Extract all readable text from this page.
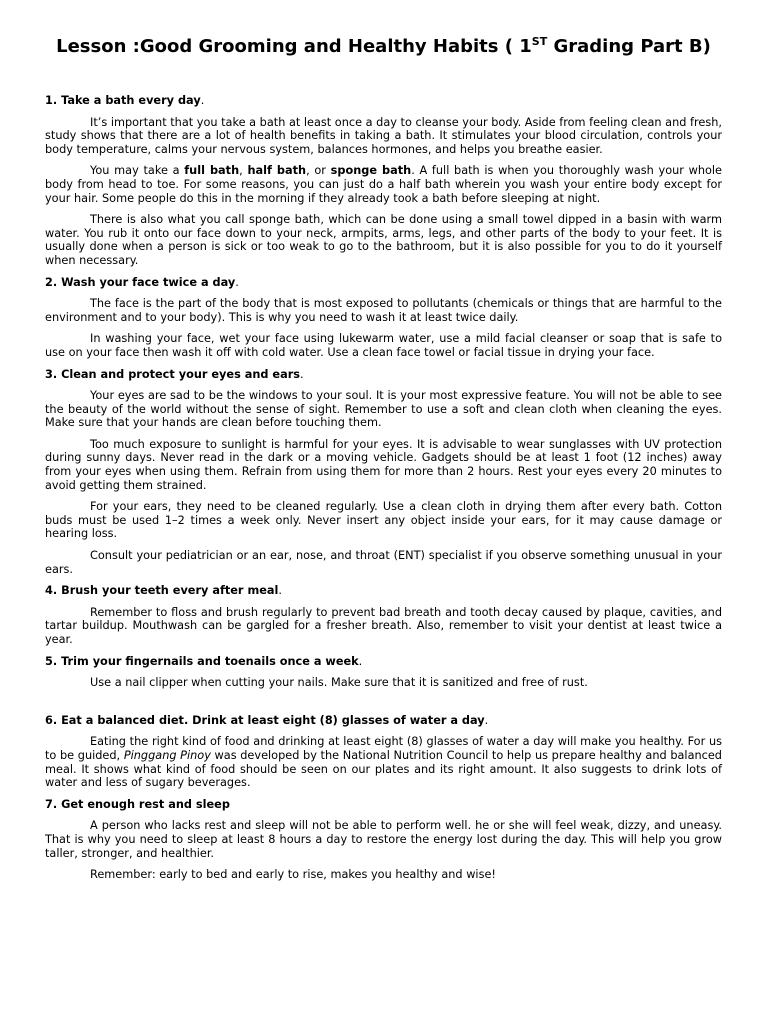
Lesson :Good Grooming and Healthy Habits ( 1ST Grading Part B)
1. Take a bath every day.

It’s important that you take a bath at least once a day to cleanse your body. Aside from feeling clean and fresh, study shows that there are a lot of health benefits in taking a bath. It stimulates your blood circulation, controls your body temperature, calms your nervous system, balances hormones, and helps you breathe easier.

You may take a full bath, half bath, or sponge bath. A full bath is when you thoroughly wash your whole body from head to toe. For some reasons, you can just do a half bath wherein you wash your entire body except for your hair. Some people do this in the morning if they already took a bath before sleeping at night.

There is also what you call sponge bath, which can be done using a small towel dipped in a basin with warm water. You rub it onto our face down to your neck, armpits, arms, legs, and other parts of the body to your feet. It is usually done when a person is sick or too weak to go to the bathroom, but it is also possible for you to do it yourself when necessary.

2. Wash your face twice a day.

The face is the part of the body that is most exposed to pollutants (chemicals or things that are harmful to the environment and to your body). This is why you need to wash it at least twice daily.

In washing your face, wet your face using lukewarm water, use a mild facial cleanser or soap that is safe to use on your face then wash it off with cold water. Use a clean face towel or facial tissue in drying your face.

3. Clean and protect your eyes and ears.

Your eyes are sad to be the windows to your soul. It is your most expressive feature. You will not be able to see the beauty of the world without the sense of sight. Remember to use a soft and clean cloth when cleaning the eyes. Make sure that your hands are clean before touching them.

Too much exposure to sunlight is harmful for your eyes. It is advisable to wear sunglasses with UV protection during sunny days. Never read in the dark or a moving vehicle. Gadgets should be at least 1 foot (12 inches) away from your eyes when using them. Refrain from using them for more than 2 hours. Rest your eyes every 20 minutes to avoid getting them strained.

For your ears, they need to be cleaned regularly. Use a clean cloth in drying them after every bath. Cotton buds must be used 1–2 times a week only. Never insert any object inside your ears, for it may cause damage or hearing loss.

Consult your pediatrician or an ear, nose, and throat (ENT) specialist if you observe something unusual in your ears.

4. Brush your teeth every after meal.

Remember to floss and brush regularly to prevent bad breath and tooth decay caused by plaque, cavities, and tartar buildup. Mouthwash can be gargled for a fresher breath. Also, remember to visit your dentist at least twice a year.

5. Trim your fingernails and toenails once a week.

Use a nail clipper when cutting your nails. Make sure that it is sanitized and free of rust.

6. Eat a balanced diet. Drink at least eight (8) glasses of water a day.

Eating the right kind of food and drinking at least eight (8) glasses of water a day will make you healthy. For us to be guided, Pinggang Pinoy was developed by the National Nutrition Council to help us prepare healthy and balanced meal. It shows what kind of food should be seen on our plates and its right amount. It also suggests to drink lots of water and less of sugary beverages.

7. Get enough rest and sleep

A person who lacks rest and sleep will not be able to perform well. he or she will feel weak, dizzy, and uneasy. That is why you need to sleep at least 8 hours a day to restore the energy lost during the day. This will help you grow taller, stronger, and healthier.

Remember: early to bed and early to rise, makes you healthy and wise!
